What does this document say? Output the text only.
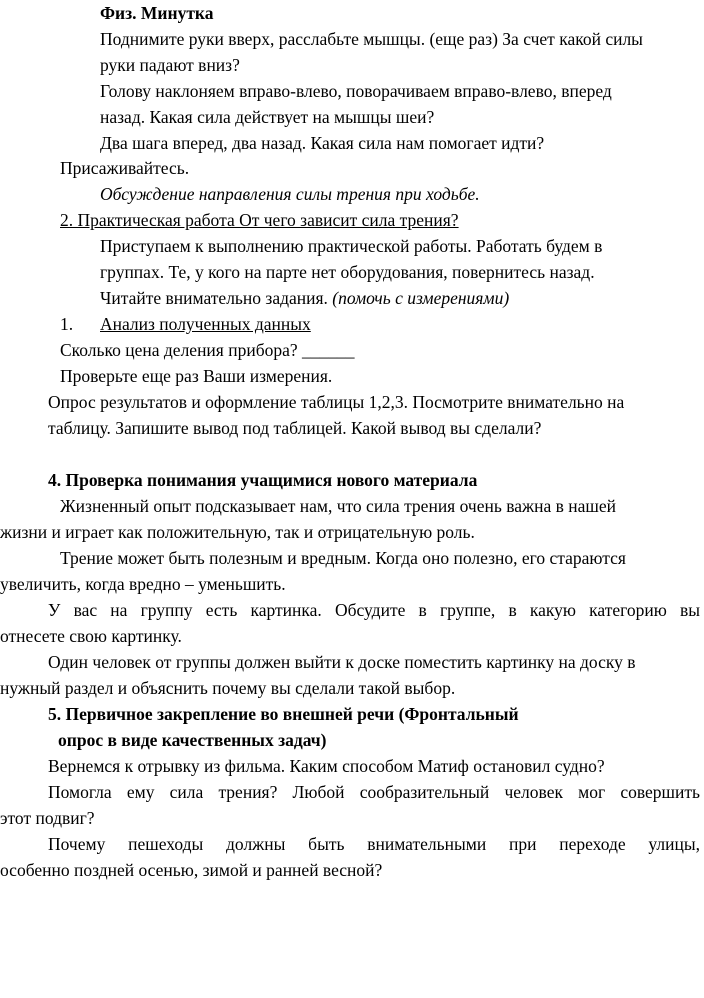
Физ. Минутка
Поднимите руки вверх, расслабьте мышцы. (еще раз) За счет какой силы
руки падают вниз?
Голову наклоняем вправо-влево, поворачиваем вправо-влево, вперед
назад. Какая сила действует на мышцы шеи?
Два шага вперед, два назад. Какая сила нам помогает идти?
Присаживайтесь.
Обсуждение направления силы трения при ходьбе.
2. Практическая работа От чего зависит сила трения?
Приступаем к выполнению практической работы. Работать будем в
группах. Те, у кого на парте нет оборудования, повернитесь назад.
Читайте внимательно задания. (помочь с измерениями)
1. Анализ полученных данных
Сколько цена деления прибора? ______
Проверьте еще раз Ваши измерения.
Опрос результатов и оформление таблицы 1,2,3. Посмотрите внимательно на
таблицу. Запишите вывод под таблицей. Какой вывод вы сделали?
4. Проверка понимания учащимися нового материала
Жизненный опыт подсказывает нам, что сила трения очень важна в нашей
жизни и играет как положительную, так и отрицательную роль.
Трение может быть полезным и вредным. Когда оно полезно, его стараются
увеличить, когда вредно – уменьшить.
У вас на группу есть картинка. Обсудите в группе, в какую категорию вы
отнесете свою картинку.
Один человек от группы должен выйти к доске поместить картинку на доску в
нужный раздел и объяснить почему вы сделали такой выбор.
5. Первичное закрепление во внешней речи (Фронтальный
опрос в виде качественных задач)
Вернемся к отрывку из фильма. Каким способом Матиф остановил судно?
Помогла ему сила трения? Любой сообразительный человек мог совершить
этот подвиг?
Почему пешеходы должны быть внимательными при переходе улицы,
особенно поздней осенью, зимой и ранней весной?
